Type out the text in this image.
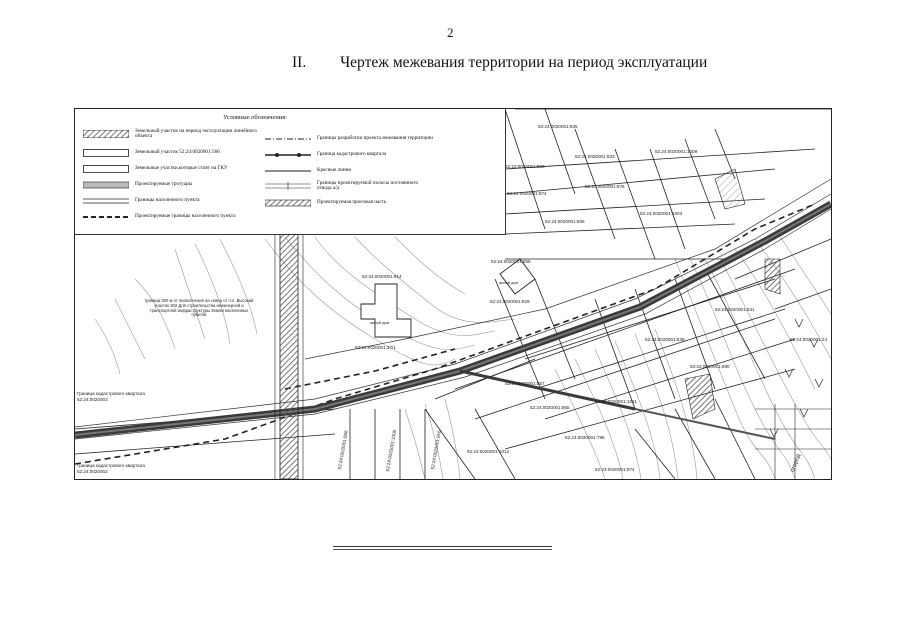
2
II. Чертеж межевания территории на период эксплуатации
Условные обозначения:
Земельный участок на период эксплуатации линейного объекта
Земельный участок 52:24:0020001:566
Земельные участки,которые стоят на ГКУ
Проектируемые тротуары
Границы населенного пункта
Проектируемые границы населенного пункта
Границы разработки проекта межевания территории
Граница кадастрового квартала
Красные линии
Границы проектируемой полосы постоянного отвода а/д
Проектируемая проезжая часть
52:24:0020001:835
52:24:0020001:833
52:24:0020001:1009
52:24:0020001:860
52:24:0020001:874
52:24:0020001:876
52:24:0020001:1003
52:24:0020001:865
52:24:0020001:914
52:24:0020001:37/1
52:24:0020001:858
52:24:0020001:829
52:24:0020001:831
52:24:0020001:838
52:24:0020001:890
52:24:0020001:24
52:24:0020001:857
52:24:0020001:1011
52:24:0020001:865
52:24:0020001:795
52:24:0020001:1012
52:24:0020001:974
жилой дом
жилой дом
Граница кадастрового квартала
52:24:0020003
Граница кадастрового квартала
52:24:0020002
граница 300 м от пересечения на север от п.п. Высокий участок 302 Для строительства инженерной и транспортной инфраструктуры Земли населенных пунктов
52:24:0020001:858	52:24:0020001:1005	52:24:0020001:916	огород
